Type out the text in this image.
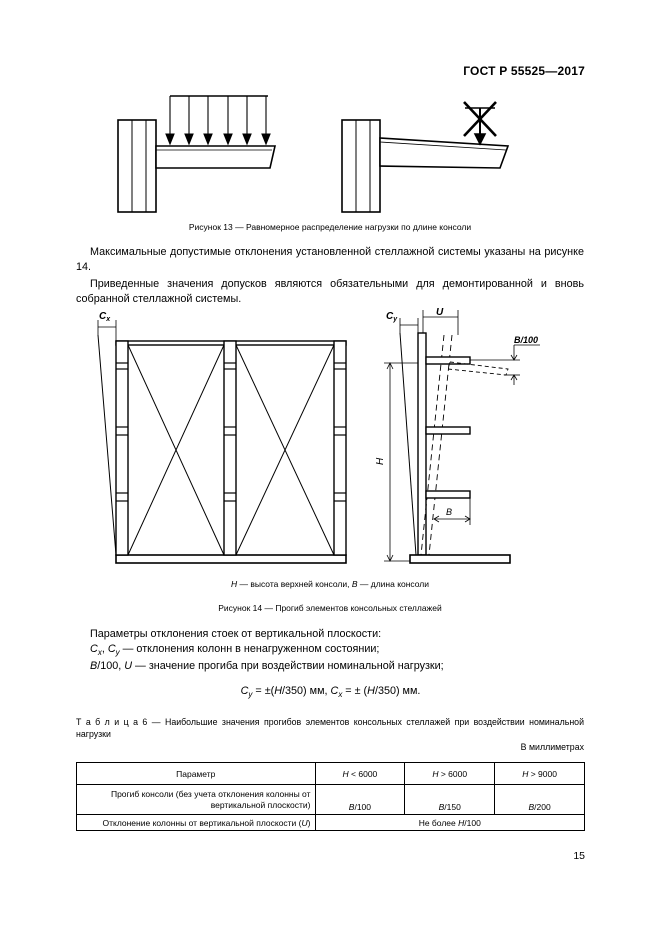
ГОСТ Р 55525—2017
Рисунок 13 — Равномерное распределение нагрузки по длине консоли
Максимальные допустимые отклонения установленной стеллажной системы указаны на рисунке 14.
Приведенные значения допусков являются обязательными для демонтированной и вновь собранной стеллажной системы.
$C_x$	$C_y$
U
B/100
H
B
H — высота верхней консоли, B — длина консоли
Рисунок 14 — Прогиб элементов консольных стеллажей
Параметры отклонения стоек от вертикальной плоскости:
$C_x$, $C_y$ — отклонения колонн в ненагруженном состоянии;
B/100, U — значение прогиба при воздействии номинальной нагрузки;
$C_y = \pm(H/350)$ мм, $C_x$ = ± (H/350) мм.
Т а б л и ц а 6 — Наибольшие значения прогибов элементов консольных стеллажей при воздействии номинальной нагрузки
В миллиметрах
Параметр	H < 6000	H > 6000	H > 9000
Прогиб консоли (без учета отклонения колонны от вертикальной плоскости)	B/100	B/150	B/200
Отклонение колонны от вертикальной плоскости (U)	Не более H/100		
15
